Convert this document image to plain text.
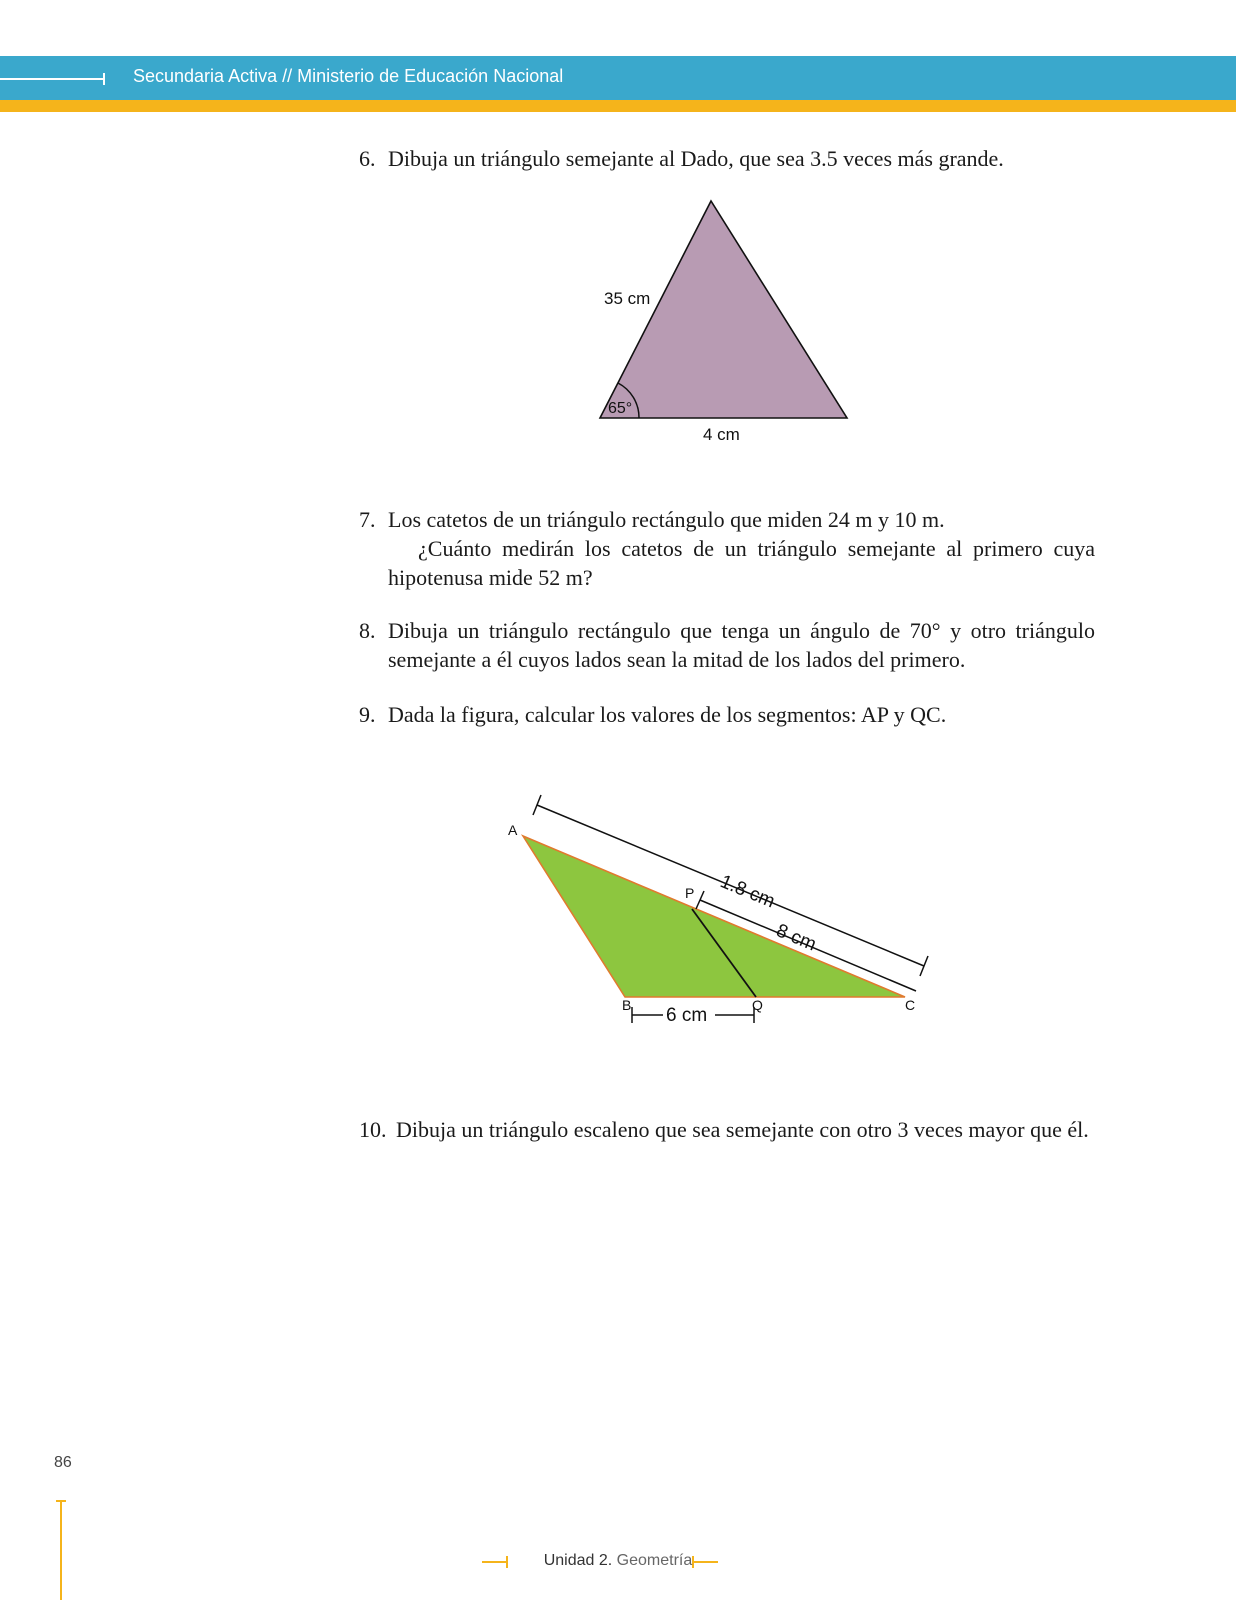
Secundaria Activa // Ministerio de Educación Nacional
6. Dibuja un triángulo semejante al Dado, que sea 3.5 veces más grande.
35 cm
65°
4 cm
7. Los catetos de un triángulo rectángulo que miden 24 m y 10 m.

¿Cuánto medirán los catetos de un triángulo semejante al primero cuya hipotenusa mide 52 m?

8. Dibuja un triángulo rectángulo que tenga un ángulo de 70° y otro triángulo semejante a él cuyos lados sean la mitad de los lados del primero.
9. Dada la figura, calcular los valores de los segmentos: AP y QC.
A
B	C
P
Q
1.8 cm
8 cm
6 cm
10. Dibuja un triángulo escaleno que sea semejante con otro 3 veces mayor que él.
86
Unidad 2. Geometría
